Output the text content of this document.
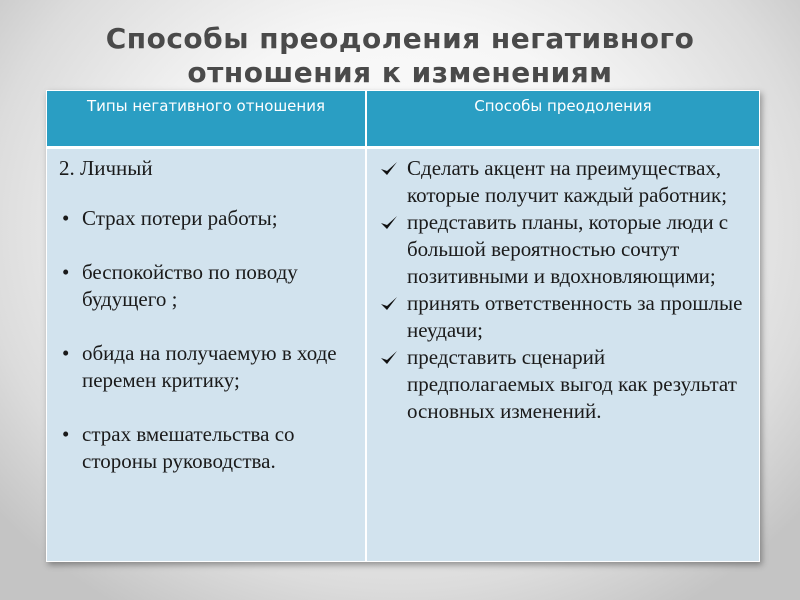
Способы преодоления негативного
отношения к изменениям
Типы негативного отношения	Способы преодоления
2. Личный
• Страх потери работы;
• беспокойство по поводу будущего ;
• обида на получаемую в ходе перемен критику;
• страх вмешательства со стороны руководства.
Сделать акцент на преимуществах, которые получит каждый работник;
представить планы, которые люди с большой вероятностью сочтут позитивными и вдохновляющими;
принять ответственность за прошлые неудачи;
представить сценарий предполагаемых выгод как результат основных изменений.
